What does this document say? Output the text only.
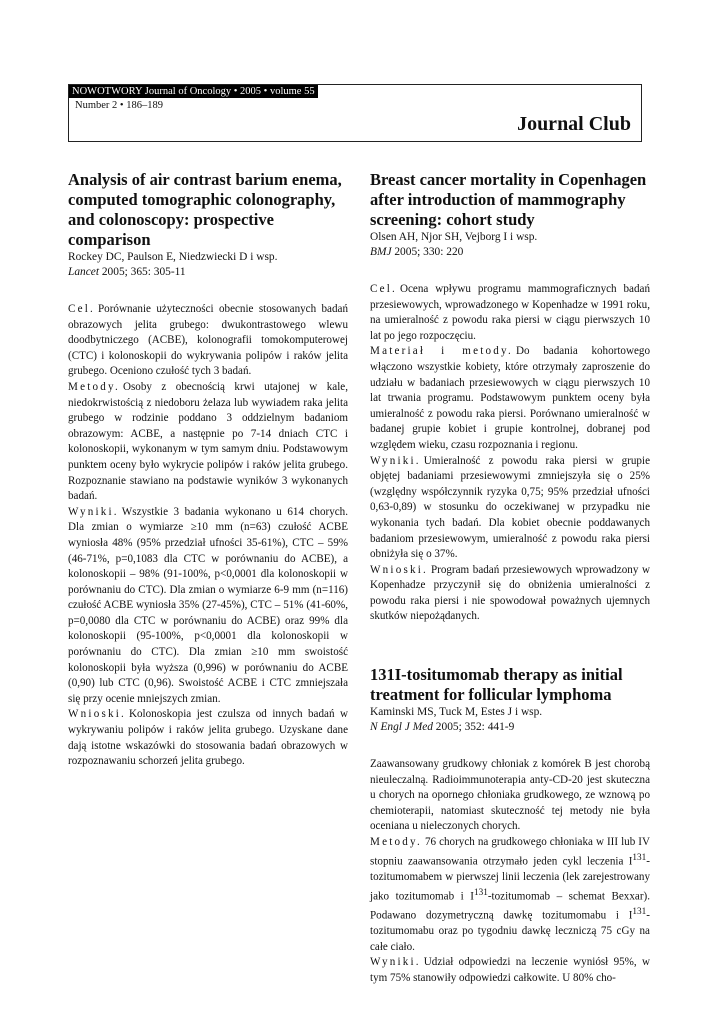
NOWOTWORY Journal of Oncology • 2005 • volume 55
Number 2 • 186–189
Journal Club
Analysis of air contrast barium enema, computed tomographic colonography, and colonoscopy: prospective comparison
Rockey DC, Paulson E, Niedzwiecki D i wsp.
Lancet 2005; 365: 305-11

Cel. Porównanie użyteczności obecnie stosowanych badań obrazowych jelita grubego: dwukontrastowego wlewu doodbytniczego (ACBE), kolonografii tomokomputerowej (CTC) i kolonoskopii do wykrywania polipów i raków jelita grubego. Oceniono czułość tych 3 badań.

Metody. Osoby z obecnością krwi utajonej w kale, niedokrwistością z niedoboru żelaza lub wywiadem raka jelita grubego w rodzinie poddano 3 oddzielnym badaniom obrazowym: ACBE, a następnie po 7-14 dniach CTC i kolonoskopii, wykonanym w tym samym dniu. Podstawowym punktem oceny było wykrycie polipów i raków jelita grubego. Rozpoznanie stawiano na podstawie wyników 3 wykonanych badań.

Wyniki. Wszystkie 3 badania wykonano u 614 chorych. Dla zmian o wymiarze ≥10 mm (n=63) czułość ACBE wyniosła 48% (95% przedział ufności 35-61%), CTC – 59% (46-71%, p=0,1083 dla CTC w porównaniu do ACBE), a kolonoskopii – 98% (91-100%, p<0,0001 dla kolonoskopii w porównaniu do CTC). Dla zmian o wymiarze 6-9 mm (n=116) czułość ACBE wyniosła 35% (27-45%), CTC – 51% (41-60%, p=0,0080 dla CTC w porównaniu do ACBE) oraz 99% dla kolonoskopii (95-100%, p<0,0001 dla kolonoskopii w porównaniu do CTC). Dla zmian ≥10 mm swoistość kolonoskopii była wyższa (0,996) w porównaniu do ACBE (0,90) lub CTC (0,96). Swoistość ACBE i CTC zmniejszała się przy ocenie mniejszych zmian.

Wnioski. Kolonoskopia jest czulsza od innych badań w wykrywaniu polipów i raków jelita grubego. Uzyskane dane dają istotne wskazówki do stosowania badań obrazowych w rozpoznawaniu schorzeń jelita grubego.

Breast cancer mortality in Copenhagen after introduction of mammography screening: cohort study
Olsen AH, Njor SH, Vejborg I i wsp.
BMJ 2005; 330: 220

Cel. Ocena wpływu programu mammograficznych badań przesiewowych, wprowadzonego w Kopenhadze w 1991 roku, na umieralność z powodu raka piersi w ciągu pierwszych 10 lat po jego rozpoczęciu.

Materiał i metody. Do badania kohortowego włączono wszystkie kobiety, które otrzymały zaproszenie do udziału w badaniach przesiewowych w ciągu pierwszych 10 lat trwania programu. Podstawowym punktem oceny była umieralność z powodu raka piersi. Porównano umieralność w badanej grupie kobiet i grupie kontrolnej, dobranej pod względem wieku, czasu rozpoznania i regionu.

Wyniki. Umieralność z powodu raka piersi w grupie objętej badaniami przesiewowymi zmniejszyła się o 25% (względny współczynnik ryzyka 0,75; 95% przedział ufności 0,63-0,89) w stosunku do oczekiwanej w przypadku nie wykonania tych badań. Dla kobiet obecnie poddawanych badaniom przesiewowym, umieralność z powodu raka piersi obniżyła się o 37%.

Wnioski. Program badań przesiewowych wprowadzony w Kopenhadze przyczynił się do obniżenia umieralności z powodu raka piersi i nie spowodował poważnych ujemnych skutków niepożądanych.

131I-tositumomab therapy as initial treatment for follicular lymphoma
Kaminski MS, Tuck M, Estes J i wsp.
N Engl J Med 2005; 352: 441-9

Zaawansowany grudkowy chłoniak z komórek B jest chorobą nieuleczalną. Radioimmunoterapia anty-CD-20 jest skuteczna u chorych na opornego chłoniaka grudkowego, ze wznową po chemioterapii, natomiast skuteczność tej metody nie była oceniana u nieleczonych chorych.

Metody. 76 chorych na grudkowego chłoniaka w III lub IV stopniu zaawansowania otrzymało jeden cykl leczenia $I^{131}$-tozitumomabem w pierwszej linii leczenia (lek zarejestrowany jako tozitumomab i $I^{131}$-tozitumomab – schemat Bexxar). Podawano dozymetryczną dawkę tozitumomabu i $I^{131}$-tozitumomabu oraz po tygodniu dawkę leczniczą 75 cGy na całe ciało.

Wyniki. Udział odpowiedzi na leczenie wyniósł 95%, w tym 75% stanowiły odpowiedzi całkowite. U 80% cho-
